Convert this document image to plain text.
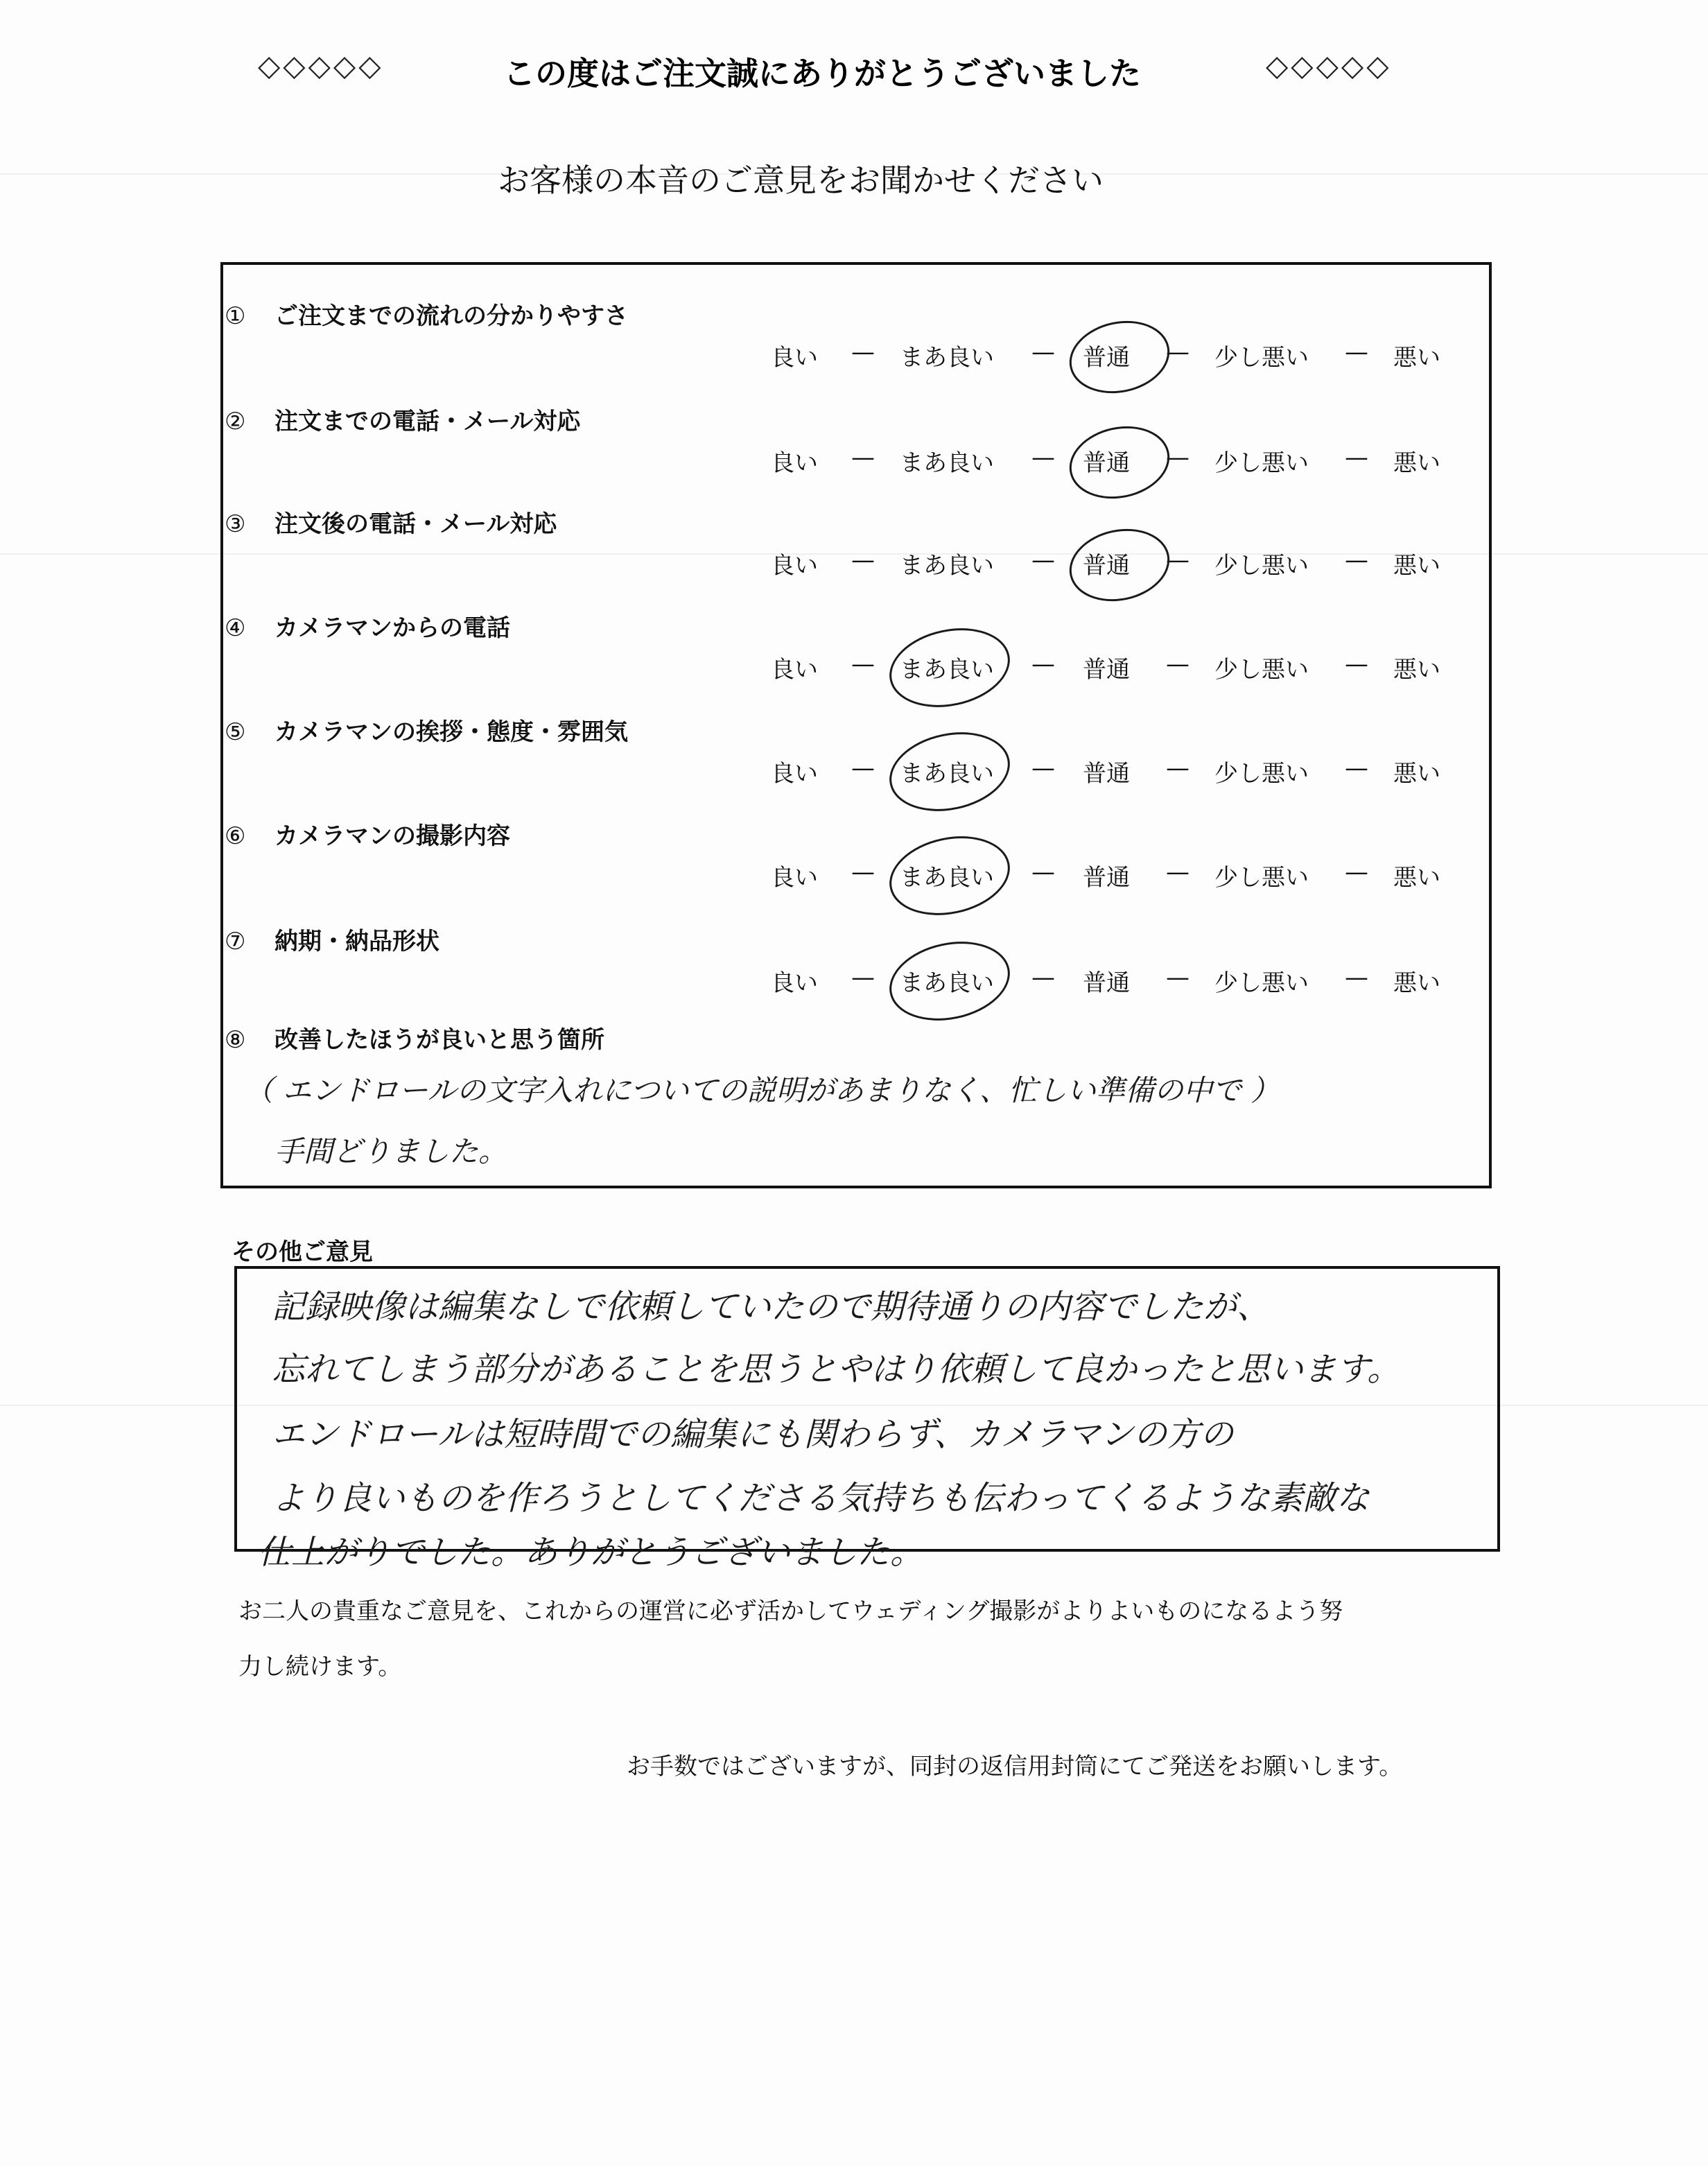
◇◇◇◇◇	この度はご注文誠にありがとうございました	◇◇◇◇◇
お客様の本音のご意見をお聞かせください
① ご注文までの流れの分かりやすさ
良い — まあ良い — 普通 — 少し悪い — 悪い
② 注文までの電話・メール対応
良い — まあ良い — 普通 — 少し悪い — 悪い
③ 注文後の電話・メール対応
良い — まあ良い — 普通 — 少し悪い — 悪い
④ カメラマンからの電話
良い — まあ良い — 普通 — 少し悪い — 悪い
⑤ カメラマンの挨拶・態度・雰囲気
良い — まあ良い — 普通 — 少し悪い — 悪い
⑥ カメラマンの撮影内容
良い — まあ良い — 普通 — 少し悪い — 悪い
⑦ 納期・納品形状
良い — まあ良い — 普通 — 少し悪い — 悪い
⑧ 改善したほうが良いと思う箇所
（ エンドロールの文字入れについての説明があまりなく、忙しい準備の中で ）
手間どりました。
その他ご意見
記録映像は編集なしで依頼していたので期待通りの内容でしたが、
忘れてしまう部分があることを思うとやはり依頼して良かったと思います。
エンドロールは短時間での編集にも関わらず、カメラマンの方の
より良いものを作ろうとしてくださる気持ちも伝わってくるような素敵な
仕上がりでした。ありがとうございました。
お二人の貴重なご意見を、これからの運営に必ず活かしてウェディング撮影がよりよいものになるよう努
力し続けます。
お手数ではございますが、同封の返信用封筒にてご発送をお願いします。
